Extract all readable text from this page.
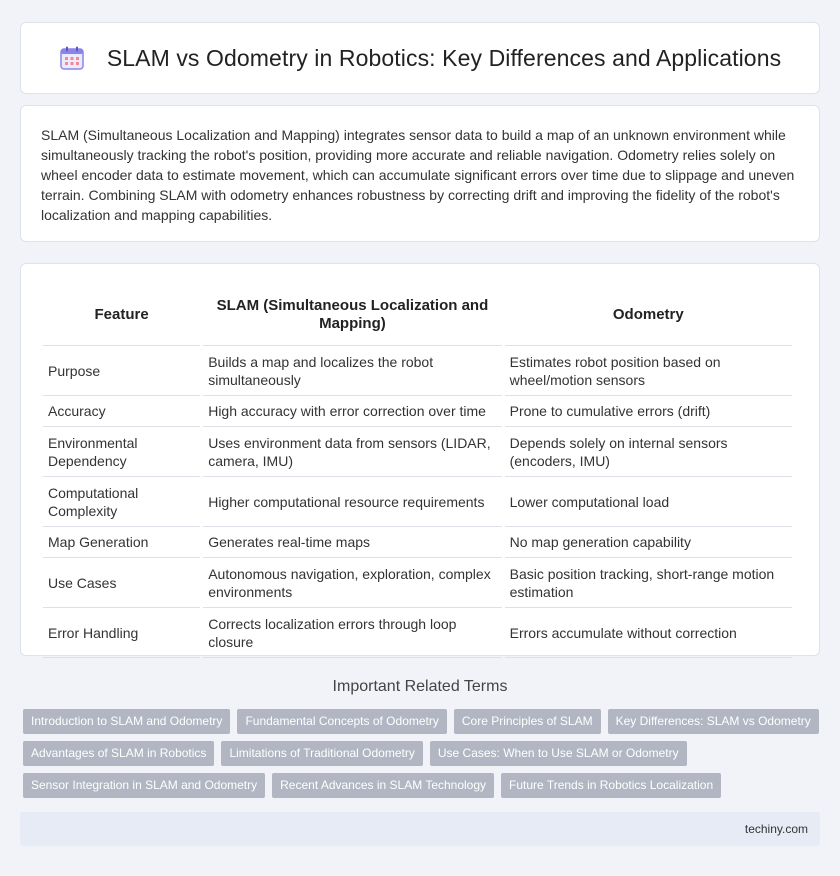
SLAM vs Odometry in Robotics: Key Differences and Applications

SLAM (Simultaneous Localization and Mapping) integrates sensor data to build a map of an unknown environment while simultaneously tracking the robot's position, providing more accurate and reliable navigation. Odometry relies solely on wheel encoder data to estimate movement, which can accumulate significant errors over time due to slippage and uneven terrain. Combining SLAM with odometry enhances robustness by correcting drift and improving the fidelity of the robot's localization and mapping capabilities.

Feature	SLAM (Simultaneous Localization and Mapping)	Odometry
Purpose	Builds a map and localizes the robot simultaneously	Estimates robot position based on wheel/motion sensors
Accuracy	High accuracy with error correction over time	Prone to cumulative errors (drift)
Environmental Dependency	Uses environment data from sensors (LIDAR, camera, IMU)	Depends solely on internal sensors (encoders, IMU)
Computational Complexity	Higher computational resource requirements	Lower computational load
Map Generation	Generates real-time maps	No map generation capability
Use Cases	Autonomous navigation, exploration, complex environments	Basic position tracking, short-range motion estimation
Error Handling	Corrects localization errors through loop closure	Errors accumulate without correction
Important Related Terms
Introduction to SLAM and Odometry	Fundamental Concepts of Odometry	Core Principles of SLAM	Key Differences: SLAM vs Odometry
Advantages of SLAM in Robotics	Limitations of Traditional Odometry	Use Cases: When to Use SLAM or Odometry
Sensor Integration in SLAM and Odometry	Recent Advances in SLAM Technology	Future Trends in Robotics Localization
techiny.com
